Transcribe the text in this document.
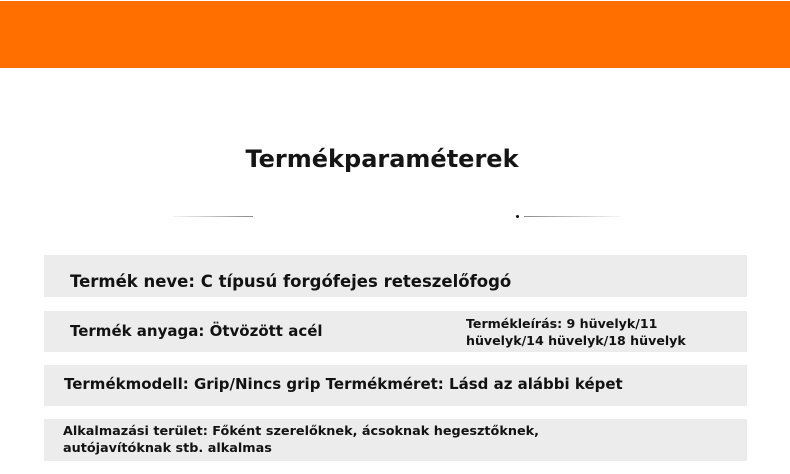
Termékparaméterek
Termék neve: C típusú forgófejes reteszelőfogó
Termék anyaga: Ötvözött acél	Termékleírás: 9 hüvelyk/11 hüvelyk/14 hüvelyk/18 hüvelyk
Termékmodell: Grip/Nincs grip Termékméret: Lásd az alábbi képet
Alkalmazási terület: Főként szerelőknek, ácsoknak hegesztőknek, autójavítóknak stb. alkalmas
